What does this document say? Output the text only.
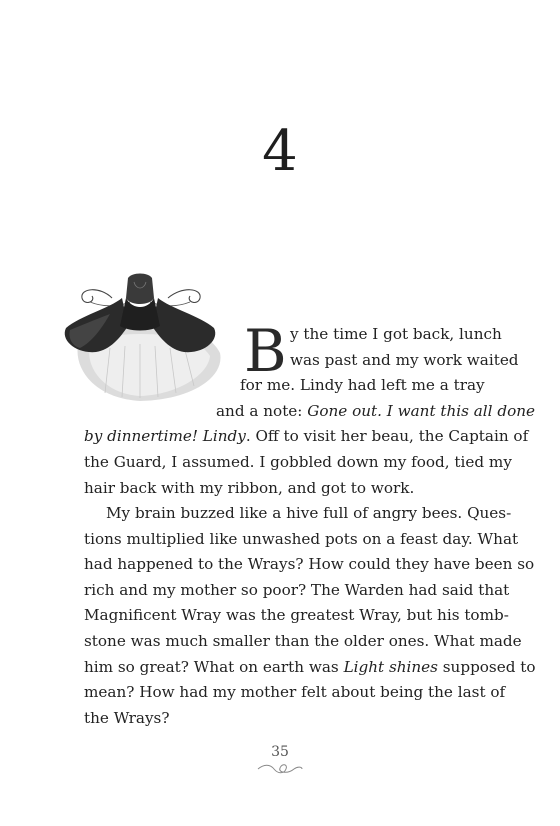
4
B y the time I got back, lunch
was past and my work waited
for me. Lindy had left me a tray
and a note: Gone out. I want this all done
by dinnertime! Lindy. Off to visit her beau, the Captain of
the Guard, I assumed. I gobbled down my food, tied my
hair back with my ribbon, and got to work.
My brain buzzed like a hive full of angry bees. Ques-
tions multiplied like unwashed pots on a feast day. What
had happened to the Wrays? How could they have been so
rich and my mother so poor? The Warden had said that
Magnificent Wray was the greatest Wray, but his tomb-
stone was much smaller than the older ones. What made
him so great? What on earth was Light shines supposed to
mean? How had my mother felt about being the last of
the Wrays?
35
